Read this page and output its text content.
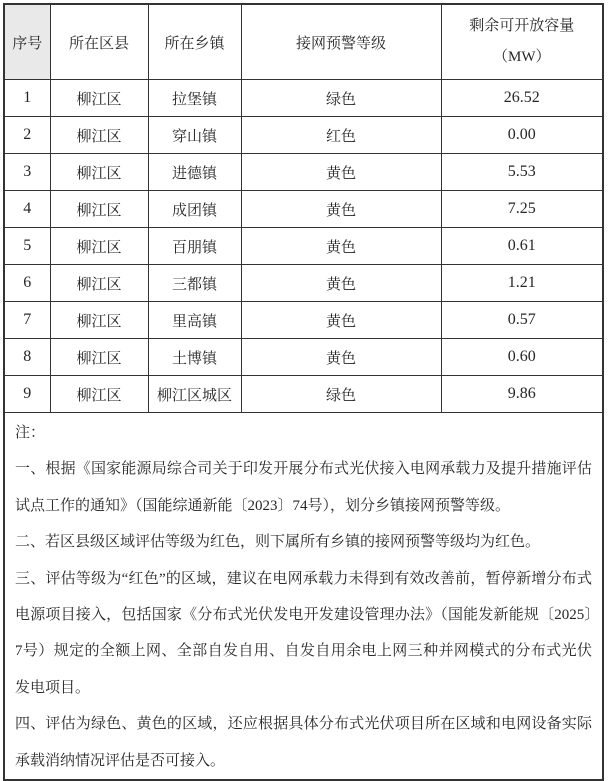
序号	所在区县	所在乡镇	接网预警等级	剩余可开放容量
（MW）

1	柳江区	拉堡镇	绿色	26.52
2	柳江区	穿山镇	红色	0.00
3	柳江区	进德镇	黄色	5.53
4	柳江区	成团镇	黄色	7.25
5	柳江区	百朋镇	黄色	0.61
6	柳江区	三都镇	黄色	1.21
7	柳江区	里高镇	黄色	0.57
8	柳江区	土博镇	黄色	0.60
9	柳江区	柳江区城区	绿色	9.86

注：

一、根据《国家能源局综合司关于印发开展分布式光伏接入电网承载力及提升措施评估试点工作的通知》（国能综通新能〔2023〕74号），划分乡镇接网预警等级。

二、若区县级区域评估等级为红色，则下属所有乡镇的接网预警等级均为红色。

三、评估等级为“红色”的区域，建议在电网承载力未得到有效改善前，暂停新增分布式电源项目接入，包括国家《分布式光伏发电开发建设管理办法》（国能发新能规〔2025〕7号）规定的全额上网、全部自发自用、自发自用余电上网三种并网模式的分布式光伏发电项目。

四、评估为绿色、黄色的区域，还应根据具体分布式光伏项目所在区域和电网设备实际承载消纳情况评估是否可接入。				
